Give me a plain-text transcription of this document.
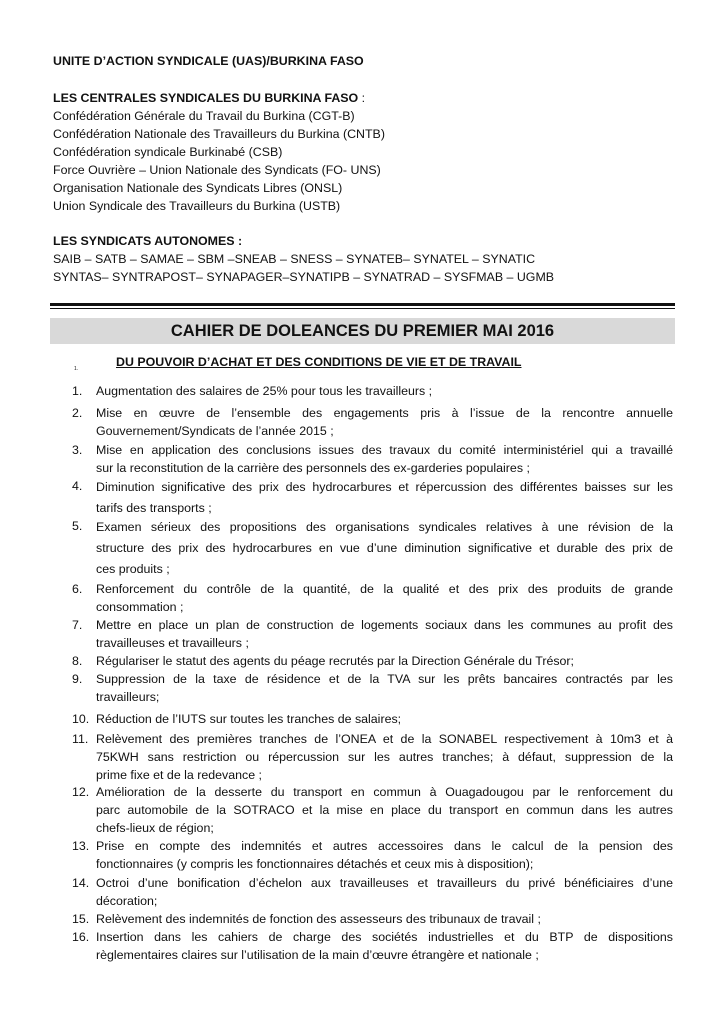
UNITE D’ACTION SYNDICALE (UAS)/BURKINA FASO
LES CENTRALES SYNDICALES DU BURKINA FASO :
Confédération Générale du Travail du Burkina (CGT-B)
Confédération Nationale des Travailleurs du Burkina (CNTB)
Confédération syndicale Burkinabé (CSB)
Force Ouvrière – Union Nationale des Syndicats (FO- UNS)
Organisation Nationale des Syndicats Libres (ONSL)
Union Syndicale des Travailleurs du Burkina (USTB)
LES SYNDICATS AUTONOMES :
SAIB – SATB – SAMAE – SBM –SNEAB – SNESS – SYNATEB– SYNATEL – SYNATIC
SYNTAS– SYNTRAPOST– SYNAPAGER–SYNATIPB – SYNATRAD – SYSFMAB – UGMB
CAHIER DE DOLEANCES DU PREMIER MAI 2016
1.	DU POUVOIR D’ACHAT ET DES CONDITIONS DE VIE ET DE TRAVAIL
1.	Augmentation des salaires de 25% pour tous les travailleurs ;
2.	Mise en œuvre de l’ensemble des engagements pris à l’issue de la rencontre annuelle
Gouvernement/Syndicats de l’année 2015 ;
3.	Mise en application des conclusions issues des travaux du comité interministériel qui a travaillé
sur la reconstitution de la carrière des personnels des ex-garderies populaires ;
4.	Diminution significative des prix des hydrocarbures et répercussion des différentes baisses sur les
tarifs des transports ;
5.	Examen sérieux des propositions des organisations syndicales relatives à une révision de la
structure des prix des hydrocarbures en vue d’une diminution significative et durable des prix de
ces produits ;
6.	Renforcement du contrôle de la quantité, de la qualité et des prix des produits de grande
consommation ;
7.	Mettre en place un plan de construction de logements sociaux dans les communes au profit des
travailleuses et travailleurs ;
8.	Régulariser le statut des agents du péage recrutés par la Direction Générale du Trésor;
9.	Suppression de la taxe de résidence et de la TVA sur les prêts bancaires contractés par les
travailleurs;
10. Réduction de l’IUTS sur toutes les tranches de salaires;
11. Relèvement des premières tranches de l’ONEA et de la SONABEL respectivement à 10m3 et à
75KWH sans restriction ou répercussion sur les autres tranches; à défaut, suppression de la
prime fixe et de la redevance ;
12. Amélioration de la desserte du transport en commun à Ouagadougou par le renforcement du
parc automobile de la SOTRACO et la mise en place du transport en commun dans les autres
chefs-lieux de région;
13. Prise en compte des indemnités et autres accessoires dans le calcul de la pension des
fonctionnaires (y compris les fonctionnaires détachés et ceux mis à disposition);
14. Octroi d’une bonification d’échelon aux travailleuses et travailleurs du privé bénéficiaires d’une
décoration;
15. Relèvement des indemnités de fonction des assesseurs des tribunaux de travail ;
16. Insertion dans les cahiers de charge des sociétés industrielles et du BTP de dispositions
règlementaires claires sur l’utilisation de la main d’œuvre étrangère et nationale ;
